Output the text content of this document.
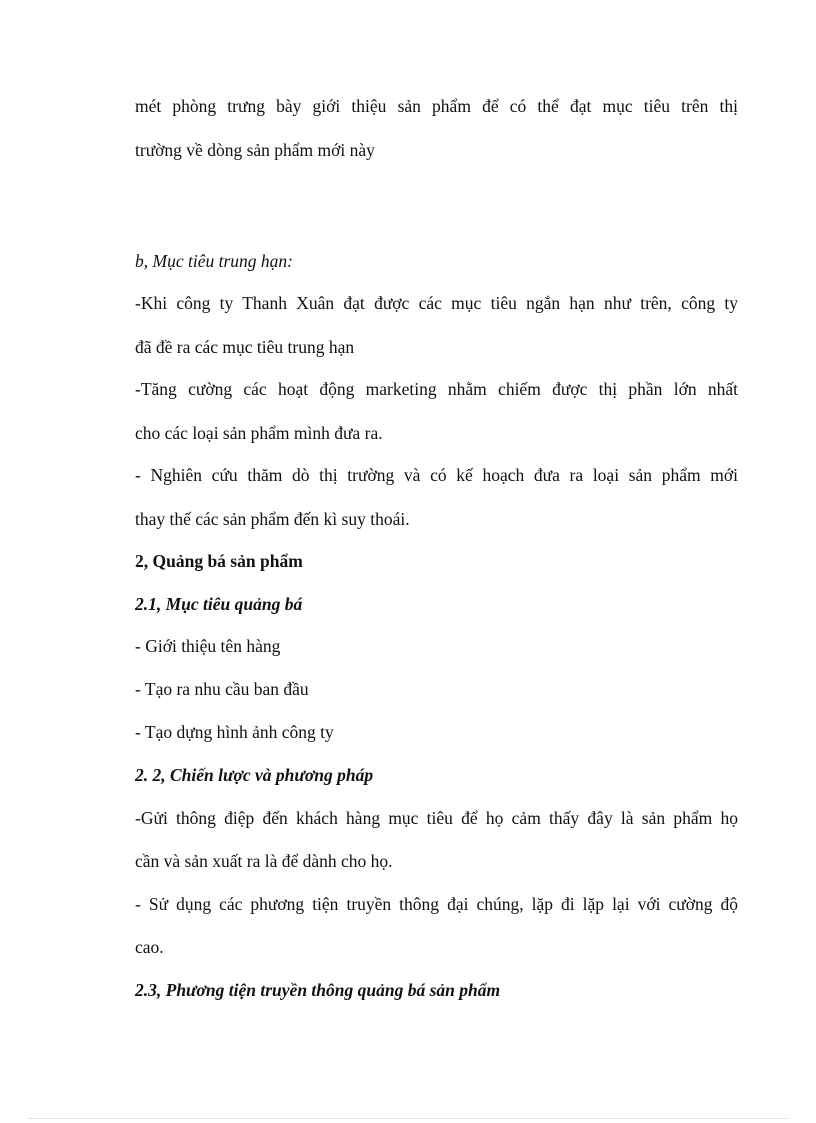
mét phòng trưng bày giới thiệu sản phẩm để có thể đạt mục tiêu trên thị
trường về dòng sản phẩm mới này
b, Mục tiêu trung hạn:
-Khi công ty Thanh Xuân đạt được các mục tiêu ngắn hạn như trên, công ty
đã đề ra các mục tiêu trung hạn
-Tăng cường các hoạt động marketing nhằm chiếm được thị phần lớn nhất
cho các loại sản phẩm mình đưa ra.
- Nghiên cứu thăm dò thị trường và có kế hoạch đưa ra loại sản phẩm mới
thay thế các sản phẩm đến kì suy thoái.
2, Quảng bá sản phẩm
2.1, Mục tiêu quảng bá
- Giới thiệu tên hàng
- Tạo ra nhu cầu ban đầu
- Tạo dựng hình ảnh công ty
2. 2, Chiến lược và phương pháp
-Gửi thông điệp đến khách hàng mục tiêu để họ cảm thấy đây là sản phẩm họ
cần và sản xuất ra là để dành cho họ.
- Sử dụng các phương tiện truyền thông đại chúng, lặp đi lặp lại với cường độ
cao.
2.3, Phương tiện truyền thông quảng bá sản phẩm
